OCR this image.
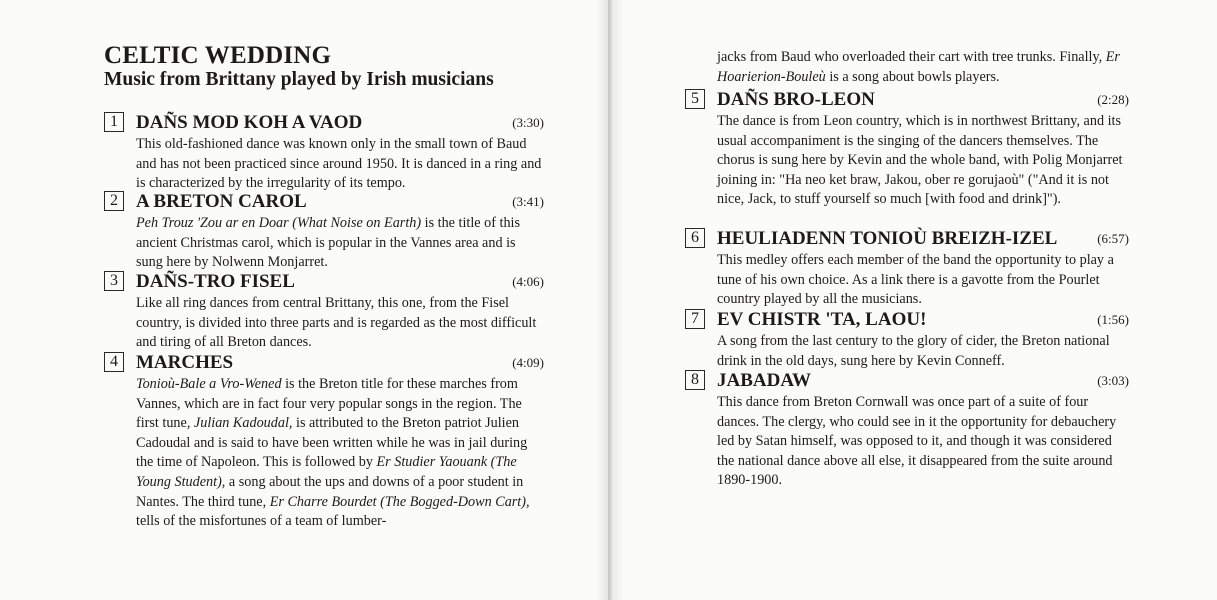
CELTIC WEDDING
Music from Brittany played by Irish musicians
1 DAÑS MOD KOH A VAOD	(3:30)

This old-fashioned dance was known only in the small town of Baud and has not been practiced since around 1950. It is danced in a ring and is characterized by the irregularity of its tempo.

2 A BRETON CAROL	(3:41)

Peh Trouz 'Zou ar en Doar (What Noise on Earth) is the title of this ancient Christmas carol, which is popular in the Vannes area and is sung here by Nolwenn Monjarret.

3 DAÑS-TRO FISEL	(4:06)

Like all ring dances from central Brittany, this one, from the Fisel country, is divided into three parts and is regarded as the most difficult and tiring of all Breton dances.

4 MARCHES	(4:09)

Tonioù-Bale a Vro-Wened is the Breton title for these marches from Vannes, which are in fact four very popular songs in the region. The first tune, Julian Kadoudal, is attributed to the Breton patriot Julien Cadoudal and is said to have been written while he was in jail during the time of Napoleon. This is followed by Er Studier Yaouank (The Young Student), a song about the ups and downs of a poor student in Nantes. The third tune, Er Charre Bourdet (The Bogged-Down Cart), tells of the misfortunes of a team of lumber-

jacks from Baud who overloaded their cart with tree trunks. Finally, Er Hoarierion-Bouleù is a song about bowls players.

5 DAÑS BRO-LEON	(2:28)

The dance is from Leon country, which is in northwest Brittany, and its usual accompaniment is the singing of the dancers themselves. The chorus is sung here by Kevin and the whole band, with Polig Monjarret joining in: "Ha neo ket braw, Jakou, ober re gorujaoù" ("And it is not nice, Jack, to stuff yourself so much [with food and drink]").

6 HEULIADENN TONIOÙ BREIZH-IZEL	(6:57)

This medley offers each member of the band the opportunity to play a tune of his own choice. As a link there is a gavotte from the Pourlet country played by all the musicians.

7 EV CHISTR 'TA, LAOU!	(1:56)

A song from the last century to the glory of cider, the Breton national drink in the old days, sung here by Kevin Conneff.

8 JABADAW	(3:03)

This dance from Breton Cornwall was once part of a suite of four dances. The clergy, who could see in it the opportunity for debauchery led by Satan himself, was opposed to it, and though it was considered the national dance above all else, it disappeared from the suite around 1890-1900.
